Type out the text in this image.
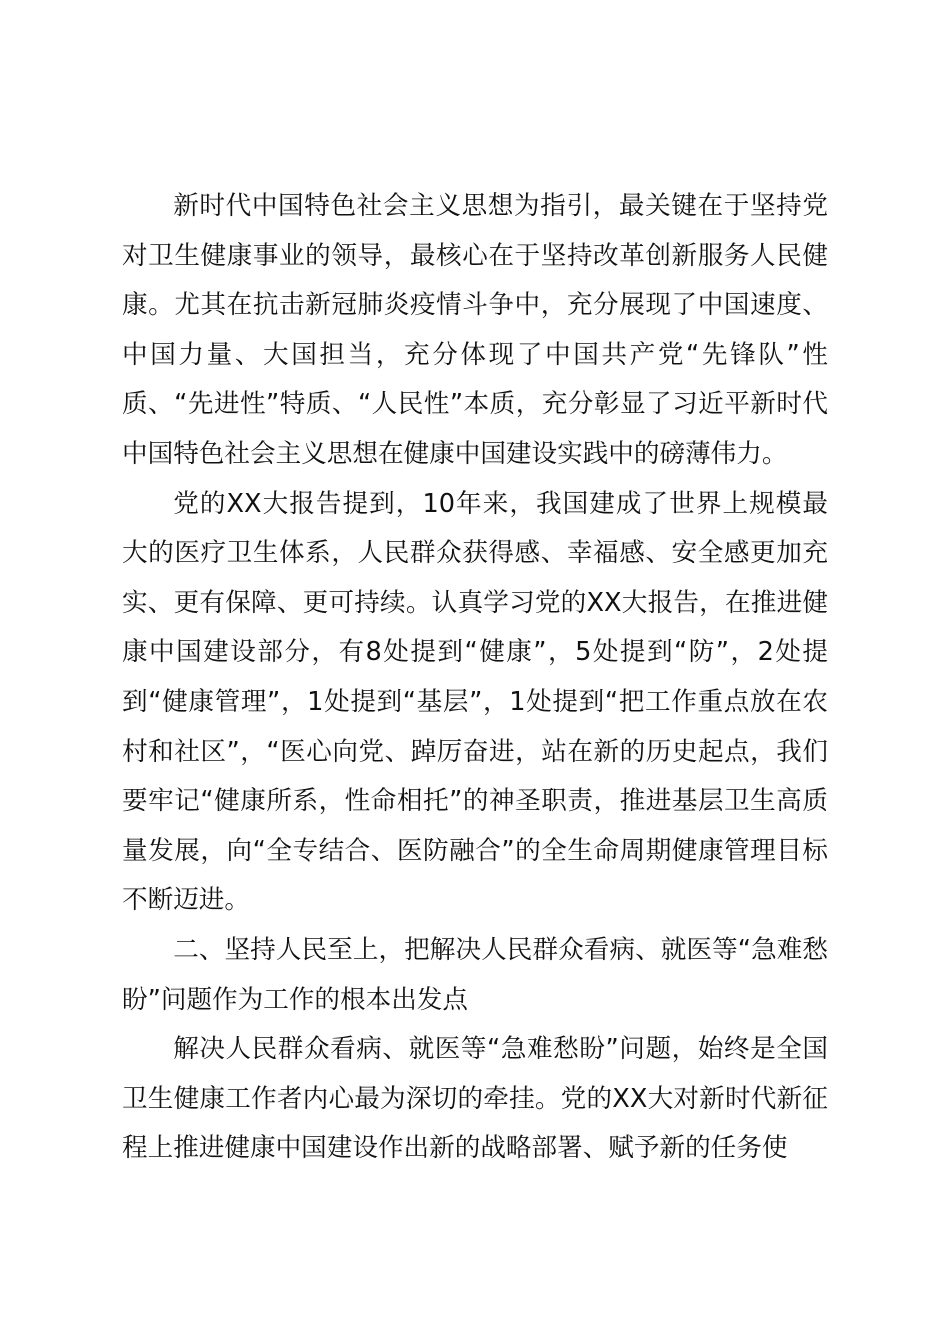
新时代中国特色社会主义思想为指引，最关键在于坚持党对卫生健康事业的领导，最核心在于坚持改革创新服务人民健康。尤其在抗击新冠肺炎疫情斗争中，充分展现了中国速度、中国力量、大国担当，充分体现了中国共产党“先锋队”性质、“先进性”特质、“人民性”本质，充分彰显了习近平新时代中国特色社会主义思想在健康中国建设实践中的磅薄伟力。

党的XX大报告提到，10年来，我国建成了世界上规模最大的医疗卫生体系，人民群众获得感、幸福感、安全感更加充实、更有保障、更可持续。认真学习党的XX大报告，在推进健康中国建设部分，有8处提到“健康”，5处提到“防”，2处提到“健康管理”，1处提到“基层”，1处提到“把工作重点放在农村和社区”，“医心向党、踔厉奋进，站在新的历史起点，我们要牢记“健康所系，性命相托”的神圣职责，推进基层卫生高质量发展，向“全专结合、医防融合”的全生命周期健康管理目标不断迈进。

二、坚持人民至上，把解决人民群众看病、就医等“急难愁盼”问题作为工作的根本出发点

解决人民群众看病、就医等“急难愁盼”问题，始终是全国卫生健康工作者内心最为深切的牵挂。党的XX大对新时代新征程上推进健康中国建设作出新的战略部署、赋予新的任务使
